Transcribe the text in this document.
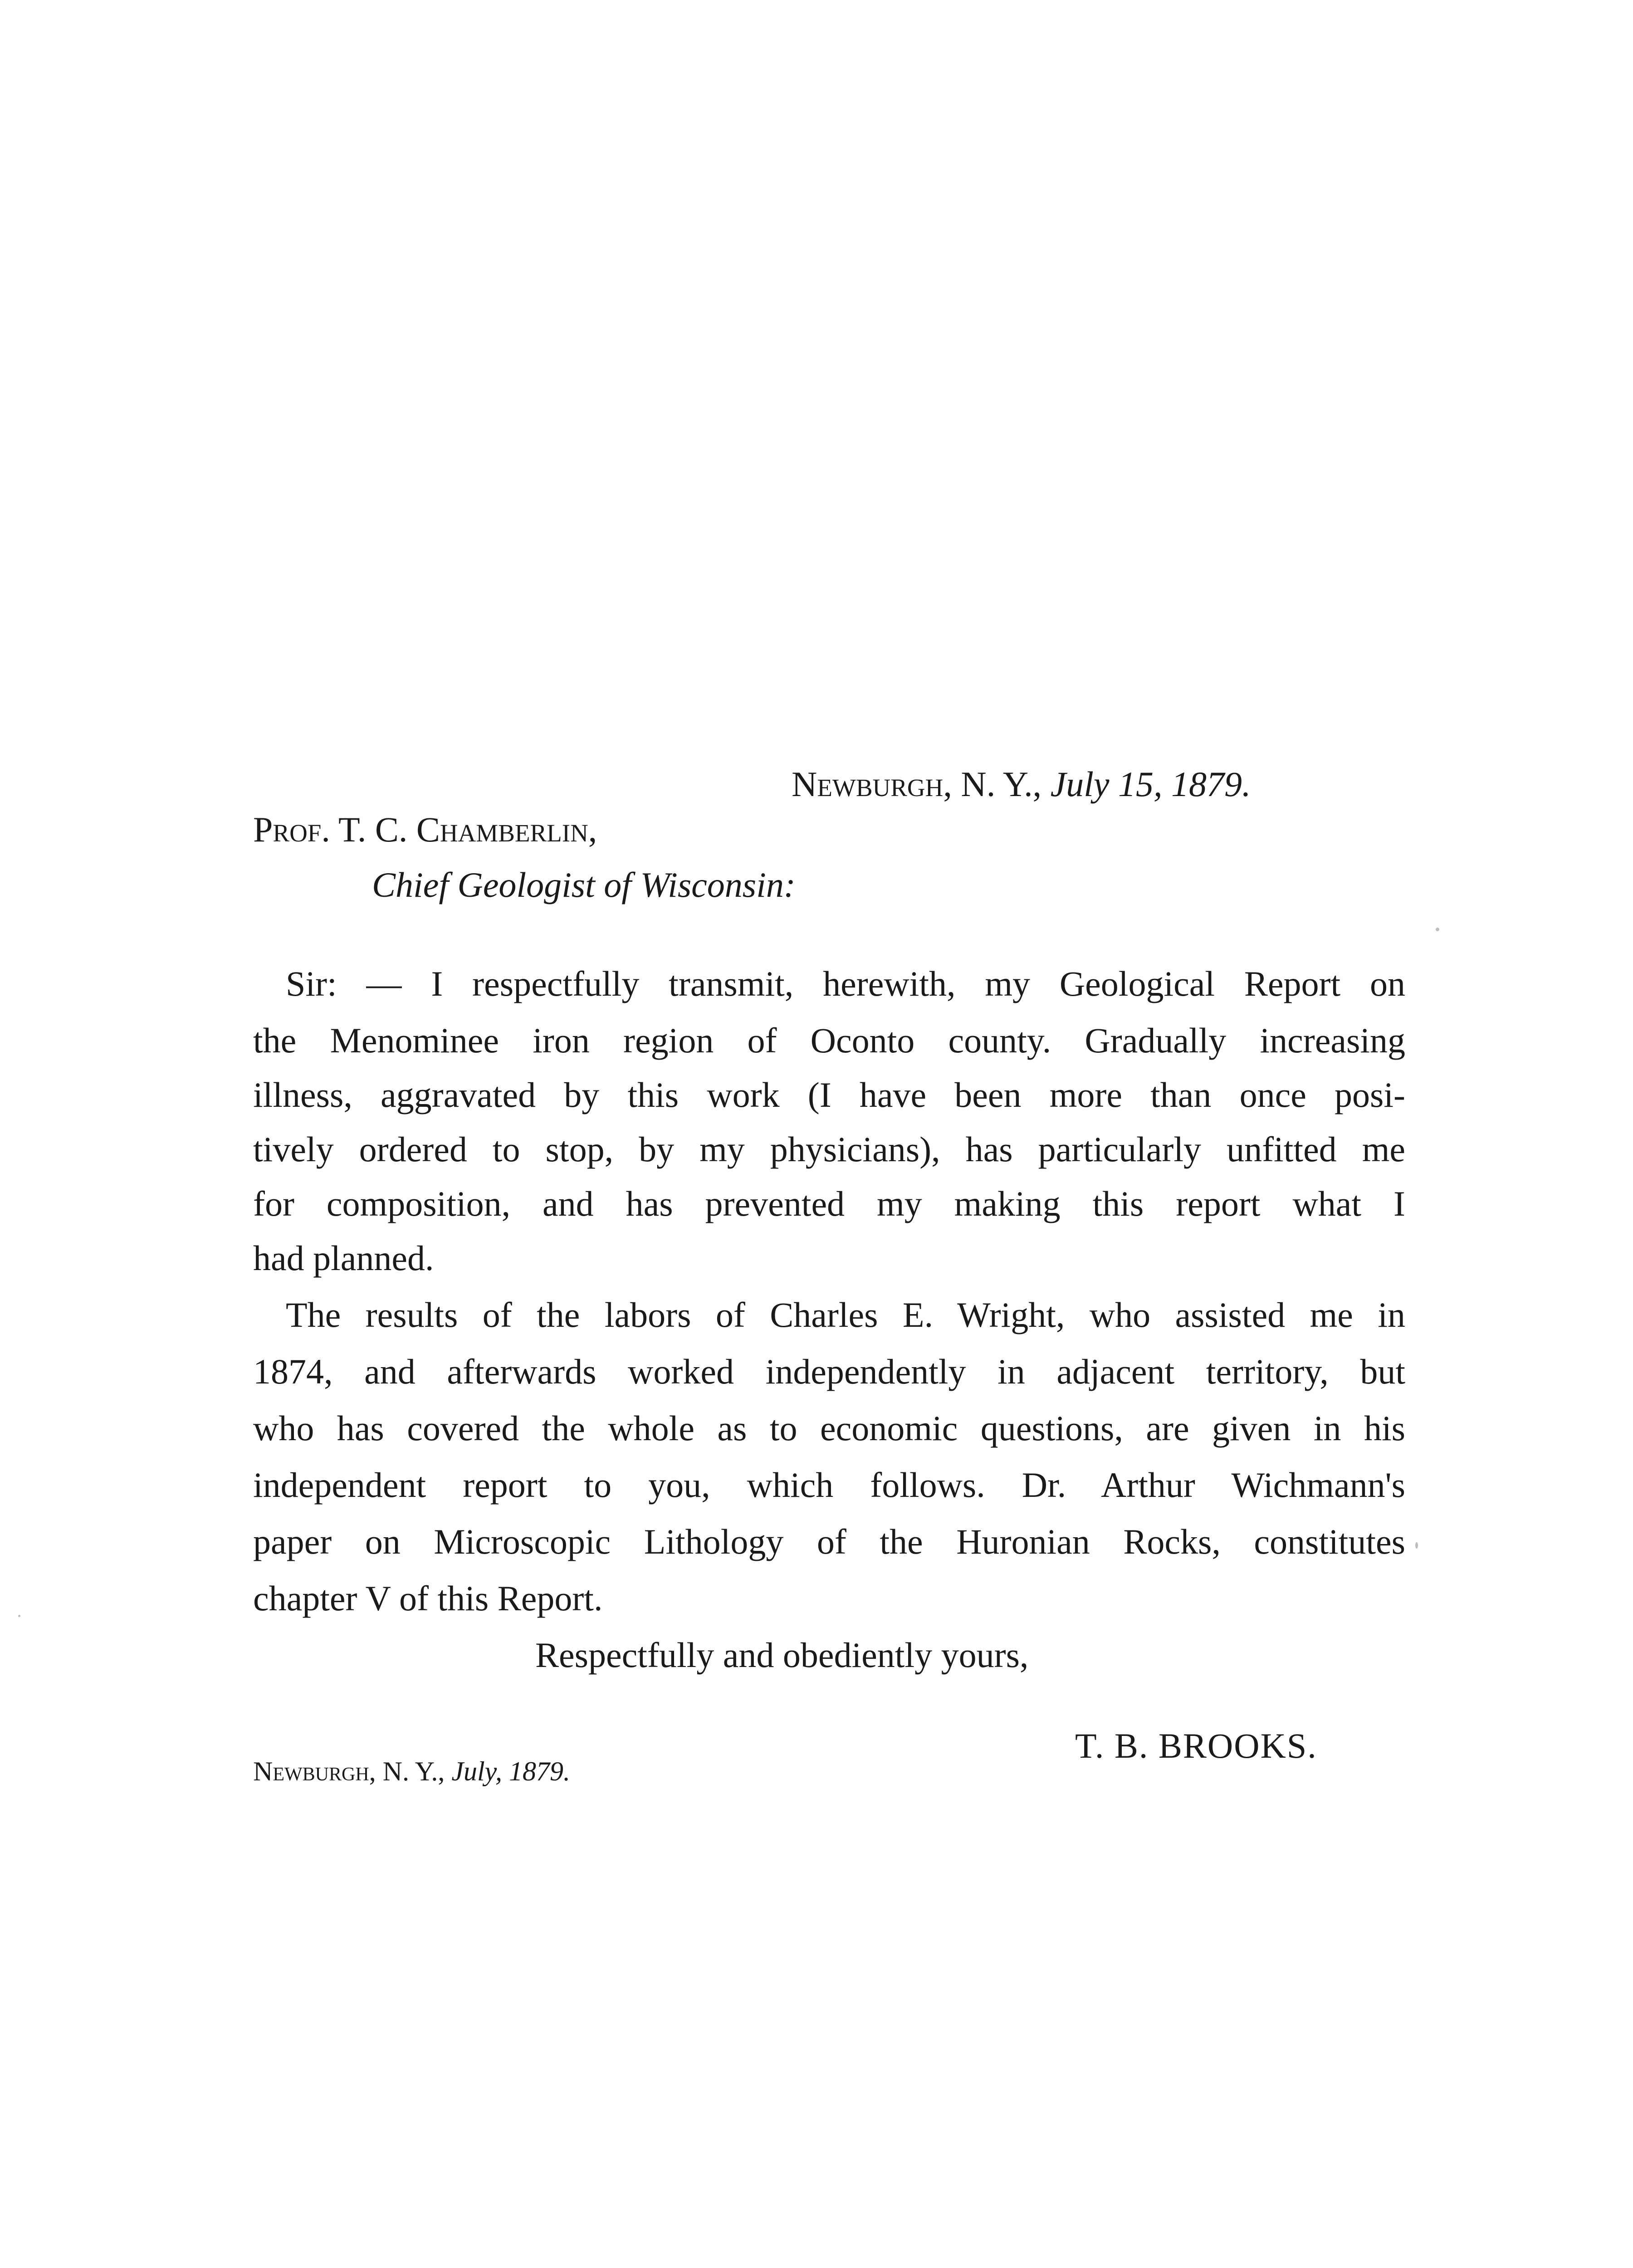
Newburgh, N. Y., July 15, 1879.
Prof. T. C. Chamberlin,
Chief Geologist of Wisconsin:
Sir: — I respectfully transmit, herewith, my Geological Report on
the Menominee iron region of Oconto county. Gradually increasing
illness, aggravated by this work (I have been more than once posi-
tively ordered to stop, by my physicians), has particularly unfitted me
for composition, and has prevented my making this report what I
had planned.
The results of the labors of Charles E. Wright, who assisted me in
1874, and afterwards worked independently in adjacent territory, but
who has covered the whole as to economic questions, are given in his
independent report to you, which follows. Dr. Arthur Wichmann's
paper on Microscopic Lithology of the Huronian Rocks, constitutes
chapter V of this Report.
Respectfully and obediently yours,
T. B. BROOKS.
Newburgh, N. Y., July, 1879.
